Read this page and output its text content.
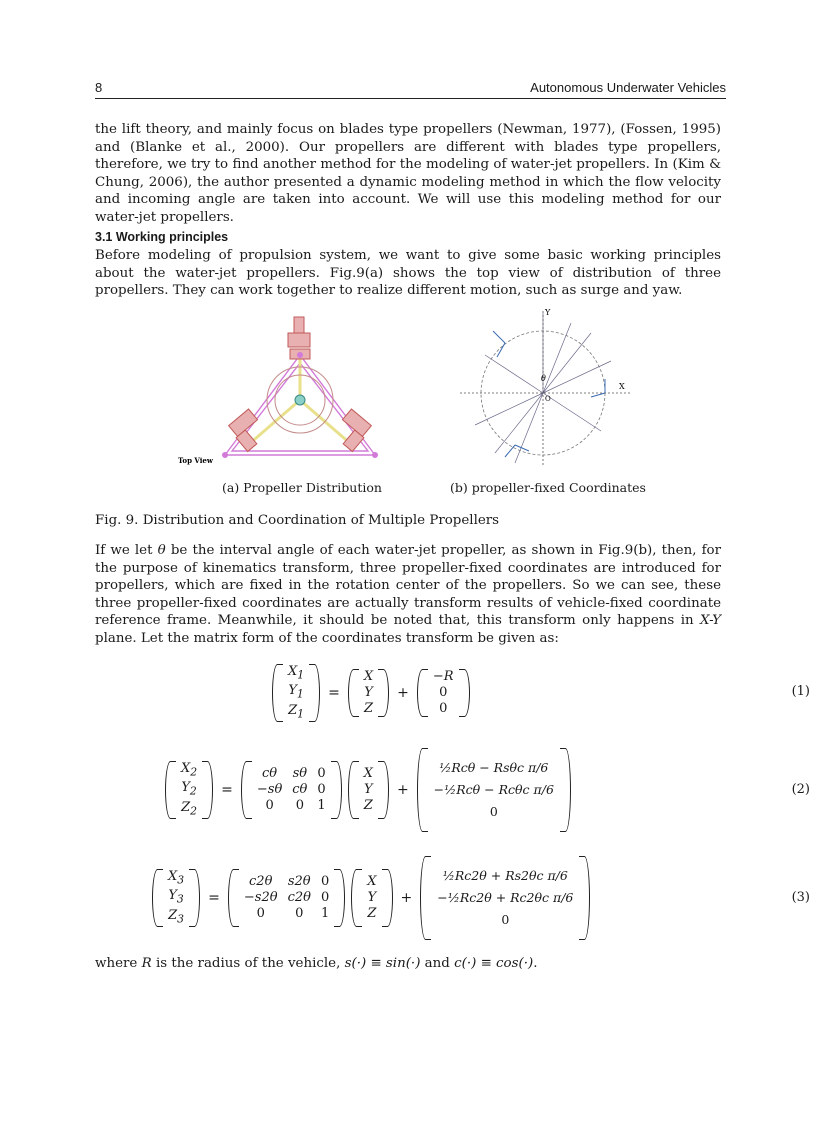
8	Autonomous Underwater Vehicles

the lift theory, and mainly focus on blades type propellers (Newman, 1977), (Fossen, 1995) and (Blanke et al., 2000). Our propellers are different with blades type propellers, therefore, we try to find another method for the modeling of water-jet propellers. In (Kim & Chung, 2006), the author presented a dynamic modeling method in which the flow velocity and incoming angle are taken into account. We will use this modeling method for our water-jet propellers.

3.1 Working principles

Before modeling of propulsion system, we want to give some basic working principles about the water-jet propellers. Fig.9(a) shows the top view of distribution of three propellers. They can work together to realize different motion, such as surge and yaw.

Top View
Y
X
θ
O
(a) Propeller Distribution	(b) propeller-fixed Coordinates
Fig. 9. Distribution and Coordination of Multiple Propellers

If we let θ be the interval angle of each water-jet propeller, as shown in Fig.9(b), then, for the purpose of kinematics transform, three propeller-fixed coordinates are introduced for propellers, which are fixed in the rotation center of the propellers. So we can see, these three propeller-fixed coordinates are actually transform results of vehicle-fixed coordinate reference frame. Meanwhile, it should be noted that, this transform only happens in X-Y plane. Let the matrix form of the coordinates transform be given as:

$X_1$
$Y_1$
$Z_1$
=
X
Y
Z
+
−R
0
0
(1)
$X_2$
$Y_2$
$Z_2$
=
cθ	sθ	0
−sθ	cθ	0
0	0	1
X
Y
Z
+
½Rcθ − Rsθc π/6
−½Rcθ − Rcθc π/6
0
(2)
$X_3$
$Y_3$
$Z_3$
=
c2θ	s2θ	0
−s2θ	c2θ	0
0	0	1
X
Y
Z
+
½Rc2θ + Rs2θc π/6
−½Rc2θ + Rc2θc π/6
0
(3)

where R is the radius of the vehicle, s(·) ≡ sin(·) and c(·) ≡ cos(·).
